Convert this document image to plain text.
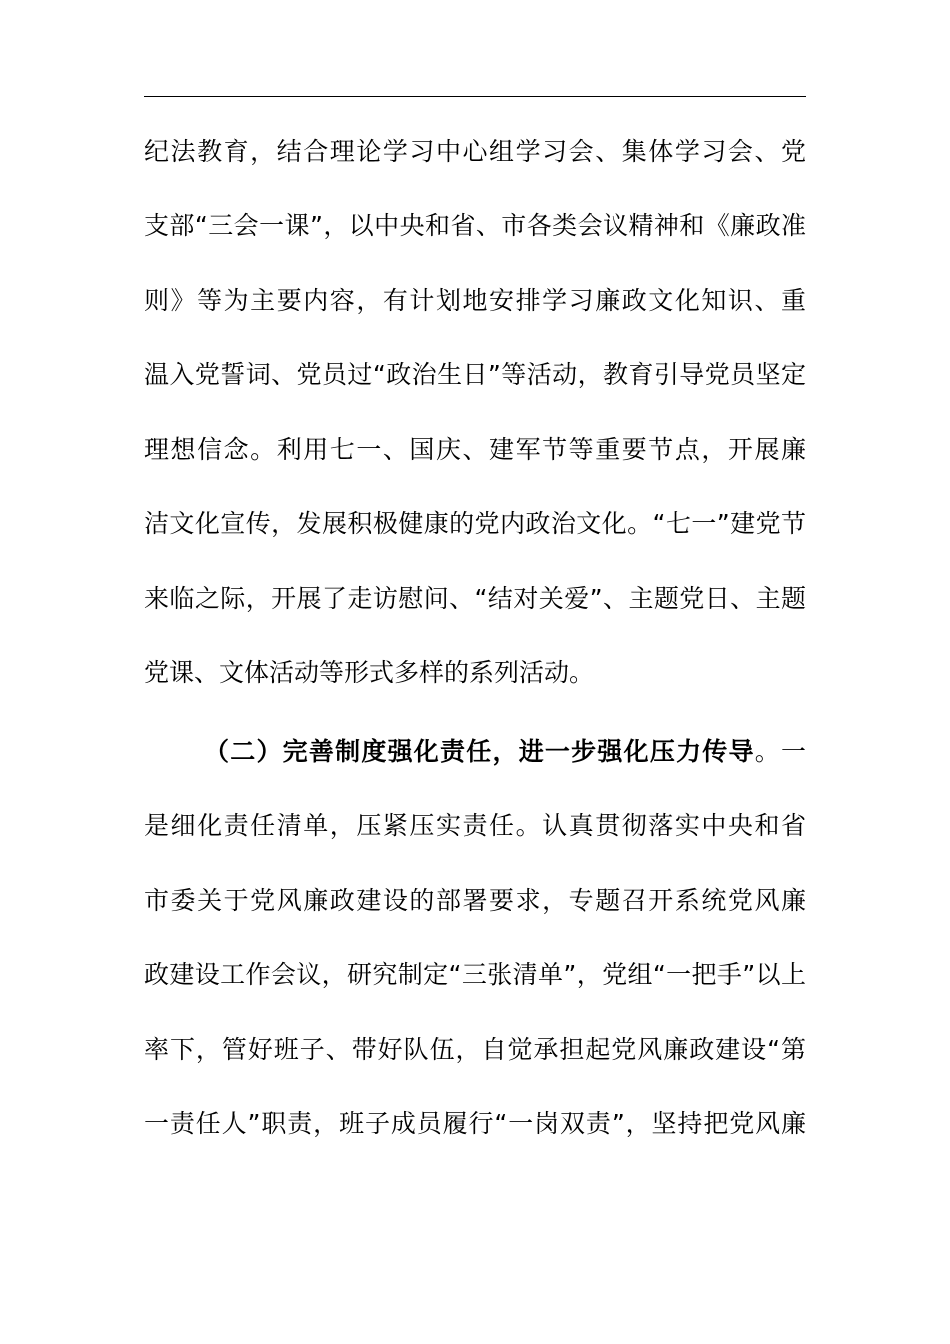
纪法教育，结合理论学习中心组学习会、集体学习会、党
支部“三会一课”，以中央和省、市各类会议精神和《廉政准
则》等为主要内容，有计划地安排学习廉政文化知识、重
温入党誓词、党员过“政治生日”等活动，教育引导党员坚定
理想信念。利用七一、国庆、建军节等重要节点，开展廉
洁文化宣传，发展积极健康的党内政治文化。“七一”建党节
来临之际，开展了走访慰问、“结对关爱”、主题党日、主题
党课、文体活动等形式多样的系列活动。
（二）完善制度强化责任，进一步强化压力传导。一
是细化责任清单，压紧压实责任。认真贯彻落实中央和省
市委关于党风廉政建设的部署要求，专题召开系统党风廉
政建设工作会议，研究制定“三张清单”，党组“一把手”以上
率下，管好班子、带好队伍，自觉承担起党风廉政建设“第
一责任人”职责，班子成员履行“一岗双责”，坚持把党风廉
